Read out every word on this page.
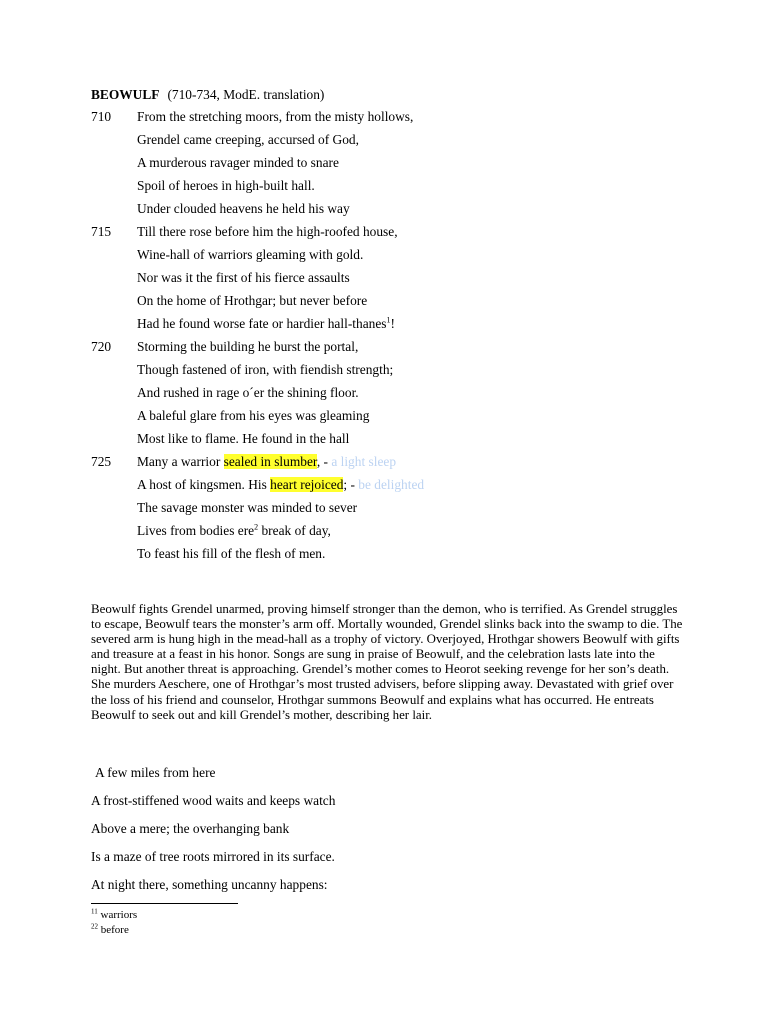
BEOWULF (710-734, ModE. translation)
710	From the stretching moors, from the misty hollows,
Grendel came creeping, accursed of God,
A murderous ravager minded to snare
Spoil of heroes in high-built hall.
Under clouded heavens he held his way
715	Till there rose before him the high-roofed house,
Wine-hall of warriors gleaming with gold.
Nor was it the first of his fierce assaults
On the home of Hrothgar; but never before
Had he found worse fate or hardier hall-thanes$^1$!
720	Storming the building he burst the portal,
Though fastened of iron, with fiendish strength;
And rushed in rage o´er the shining floor.
A baleful glare from his eyes was gleaming
Most like to flame. He found in the hall
725	Many a warrior sealed in slumber, - a light sleep
A host of kingsmen. His heart rejoiced; - be delighted
The savage monster was minded to sever
Lives from bodies ere$^2$ break of day,
To feast his fill of the flesh of men.
Beowulf fights Grendel unarmed, proving himself stronger than the demon, who is terrified. As Grendel struggles to escape, Beowulf tears the monster’s arm off. Mortally wounded, Grendel slinks back into the swamp to die. The severed arm is hung high in the mead-hall as a trophy of victory. Overjoyed, Hrothgar showers Beowulf with gifts and treasure at a feast in his honor. Songs are sung in praise of Beowulf, and the celebration lasts late into the night. But another threat is approaching. Grendel’s mother comes to Heorot seeking revenge for her son’s death. She murders Aeschere, one of Hrothgar’s most trusted advisers, before slipping away. Devastated with grief over the loss of his friend and counselor, Hrothgar summons Beowulf and explains what has occurred. He entreats Beowulf to seek out and kill Grendel’s mother, describing her lair.
A few miles from here
A frost-stiffened wood waits and keeps watch
Above a mere; the overhanging bank
Is a maze of tree roots mirrored in its surface.
At night there, something uncanny happens:
$^{11}$ warriors
$^{22}$ before
